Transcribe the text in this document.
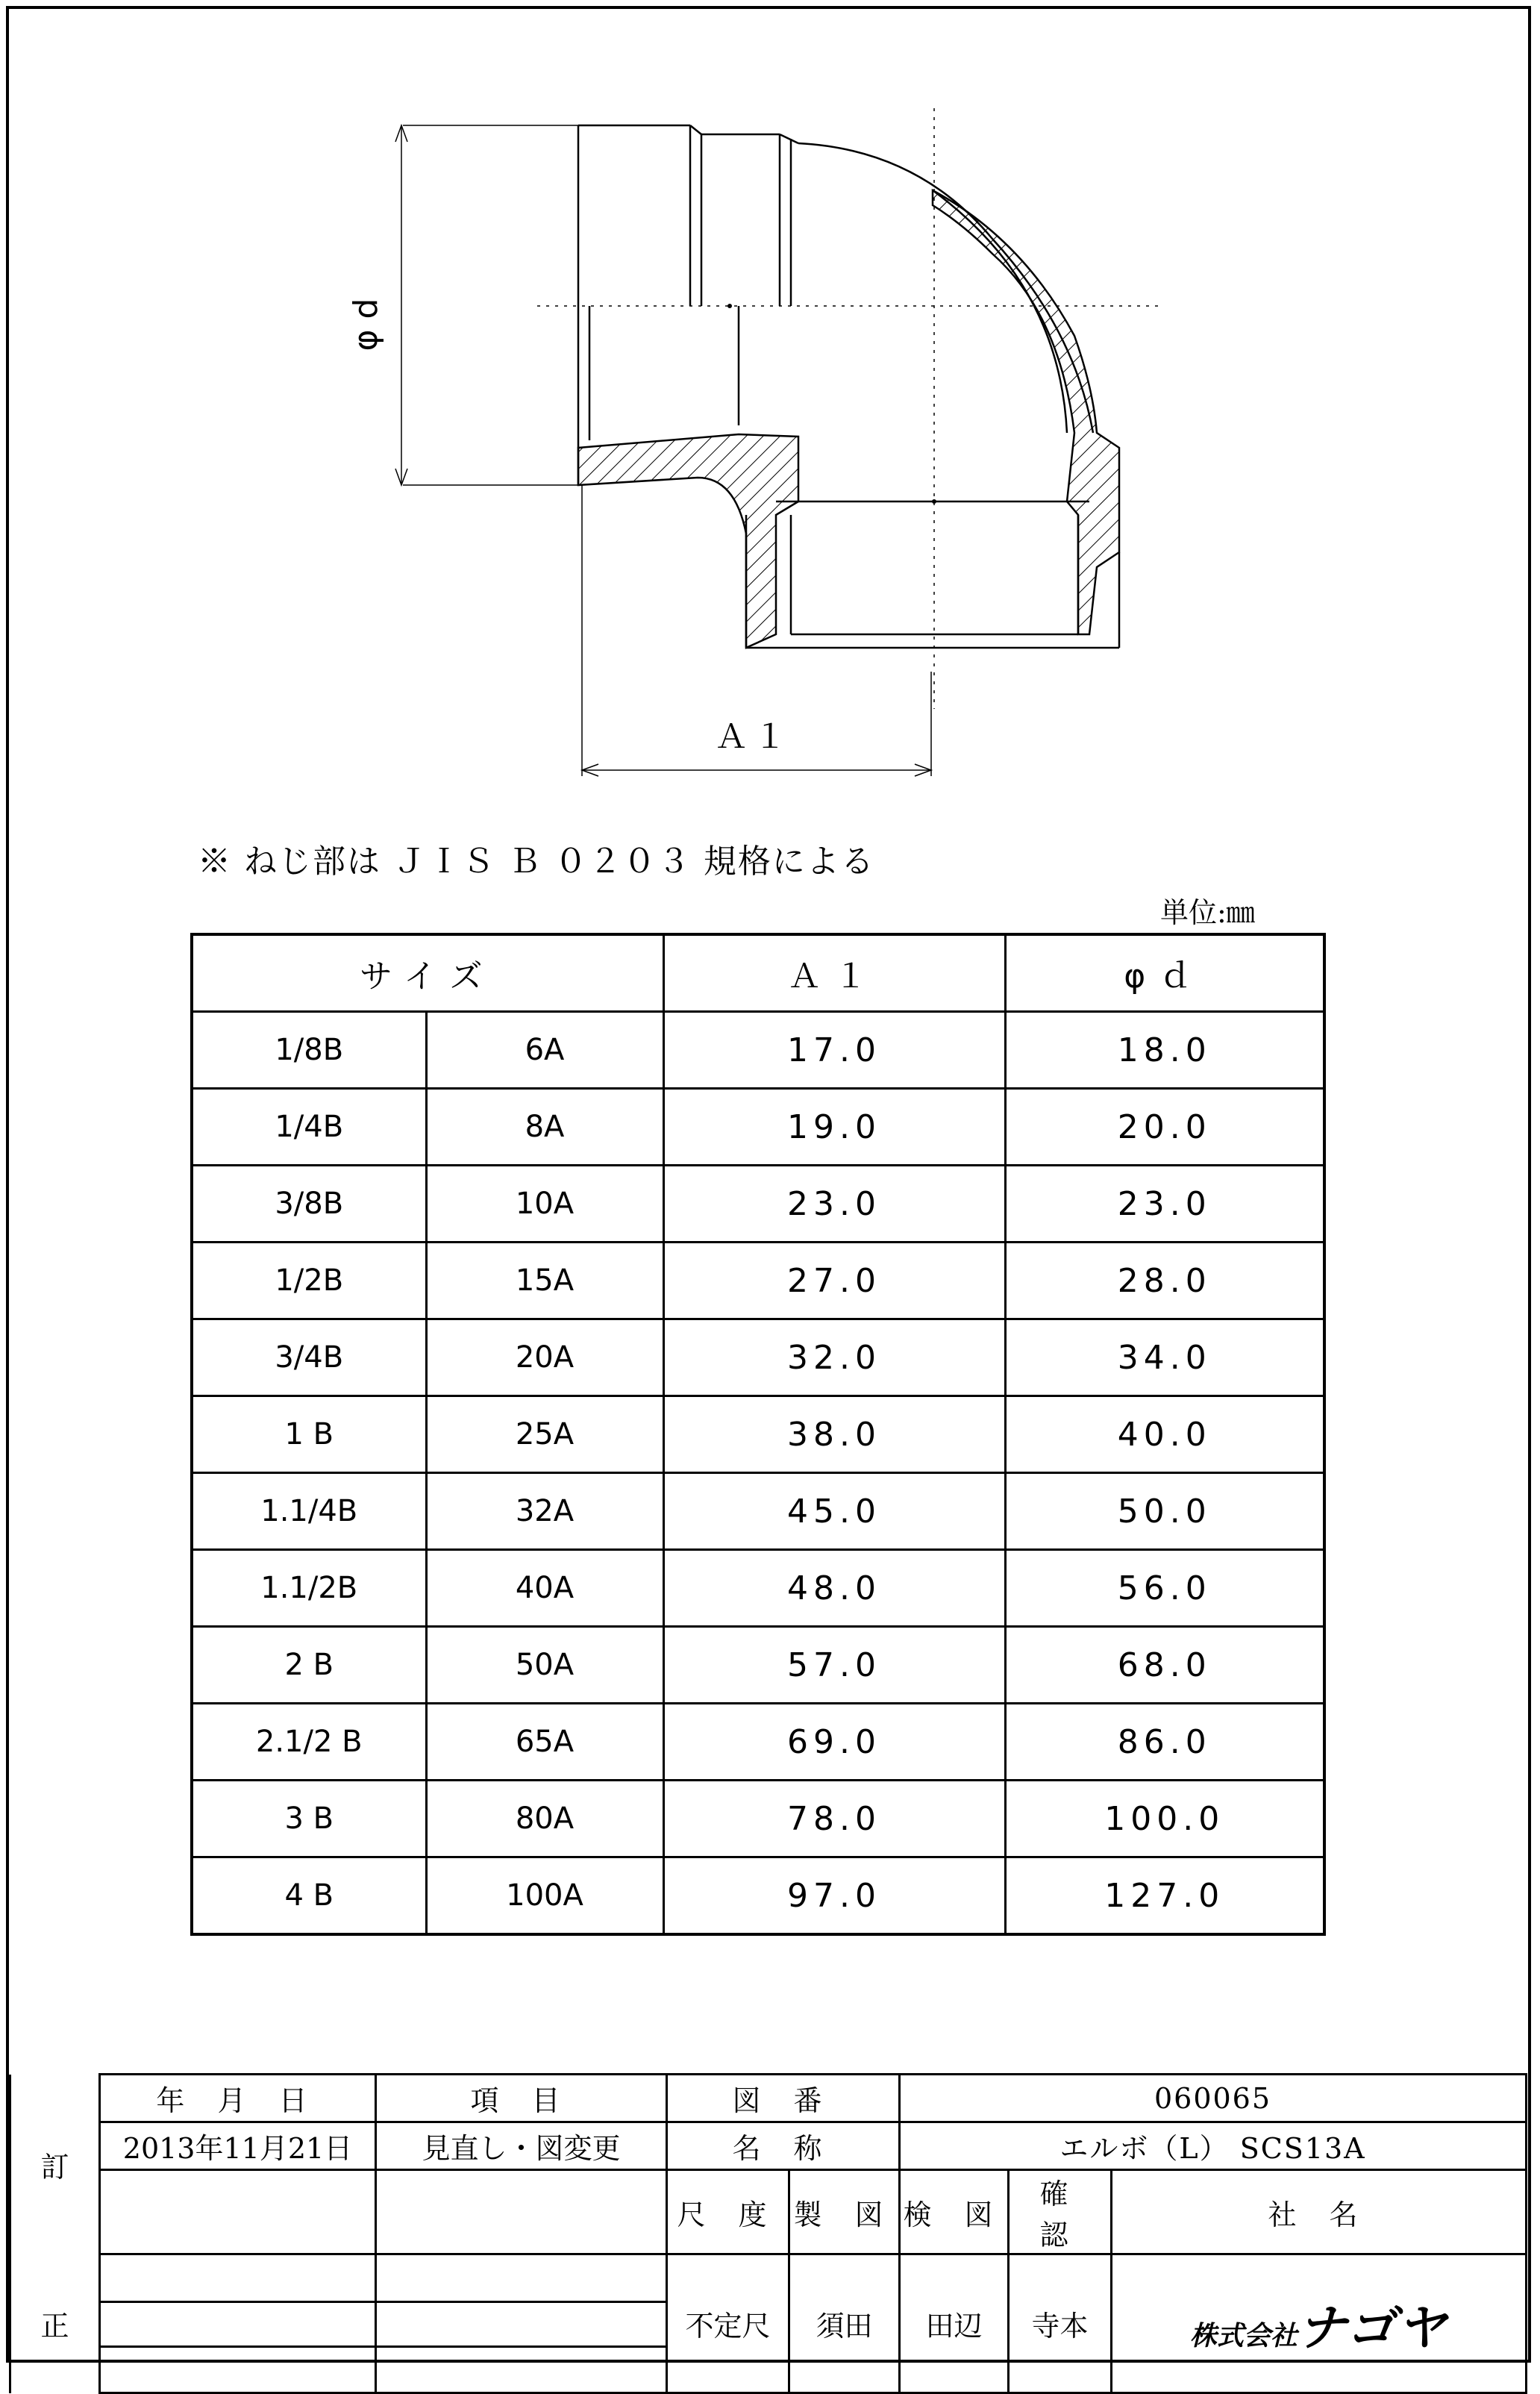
φ d
Ａ１
※ ねじ部は ＪＩＳ Ｂ ０２０３ 規格による
単位:㎜
サイズ		Ａ１	φｄ
1/8B	6A	17.0	18.0
1/4B	8A	19.0	20.0
3/8B	10A	23.0	23.0
1/2B	15A	27.0	28.0
3/4B	20A	32.0	34.0
1 B	25A	38.0	40.0
1.1/4B	32A	45.0	50.0
1.1/2B	40A	48.0	56.0
2 B	50A	57.0	68.0
2.1/2 B	65A	69.0	86.0
3 B	80A	78.0	100.0
4 B	100A	97.0	127.0
訂	年 月 日	項 目	図 番		060065		
	2013年11月21日	見直し・図変更	名 称		エルボ（L） SCS13A		
			尺 度	製 図	検 図	確 認	社 名
正			不定尺	須田	田辺	寺本	株式会社ナゴヤ
